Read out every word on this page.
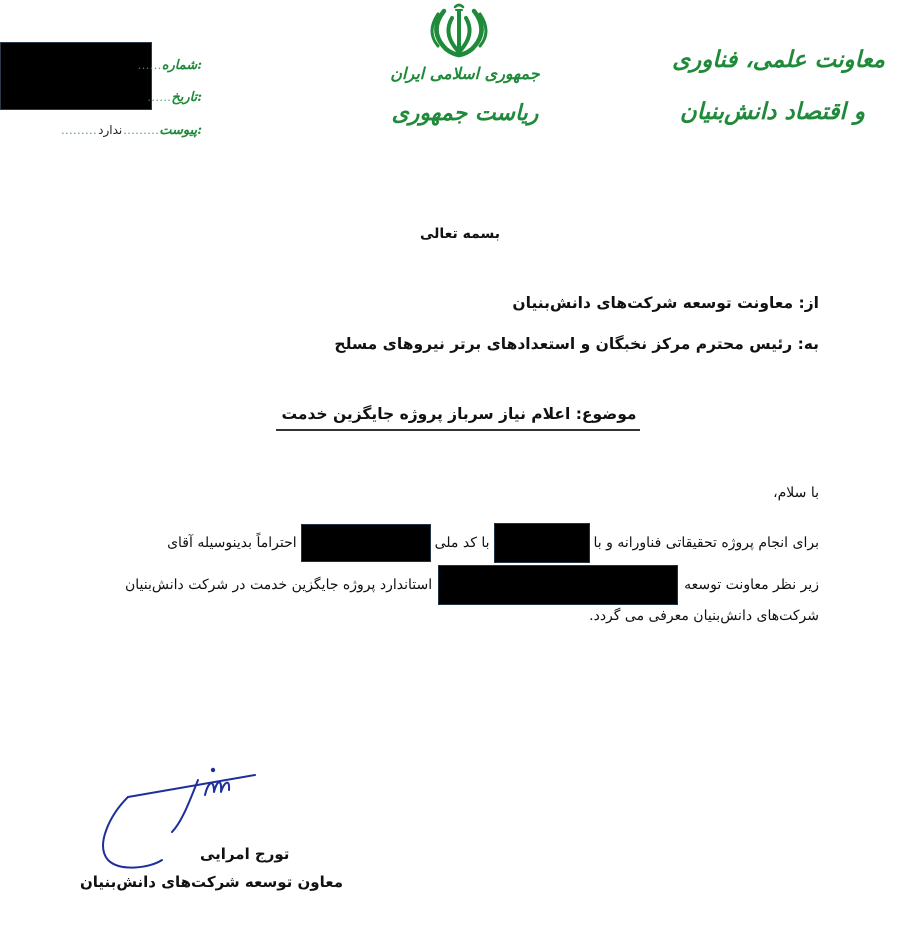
شماره:
......
تاریخ:
......
پیوست:
.........
ندارد
.........
جمهوری اسلامی ایران
ریاست جمهوری
معاونت علمی، فناوری
و اقتصاد دانش‌بنیان
بسمه تعالی
از: معاونت توسعه شرکت‌های دانش‌بنیان
به: رئیس محترم مرکز نخبگان و استعدادهای برتر نیروهای مسلح
موضوع: اعلام نیاز سرباز پروژه جایگزین خدمت
با سلام،
احتراماً بدینوسیله آقای	با کد ملی	برای انجام پروژه تحقیقاتی فناورانه و با
استاندارد پروژه جایگزین خدمت در شرکت دانش‌بنیان	زیر نظر معاونت توسعه
شرکت‌های دانش‌بنیان معرفی می گردد.
تورج امرایی
معاون توسعه شرکت‌های دانش‌بنیان
